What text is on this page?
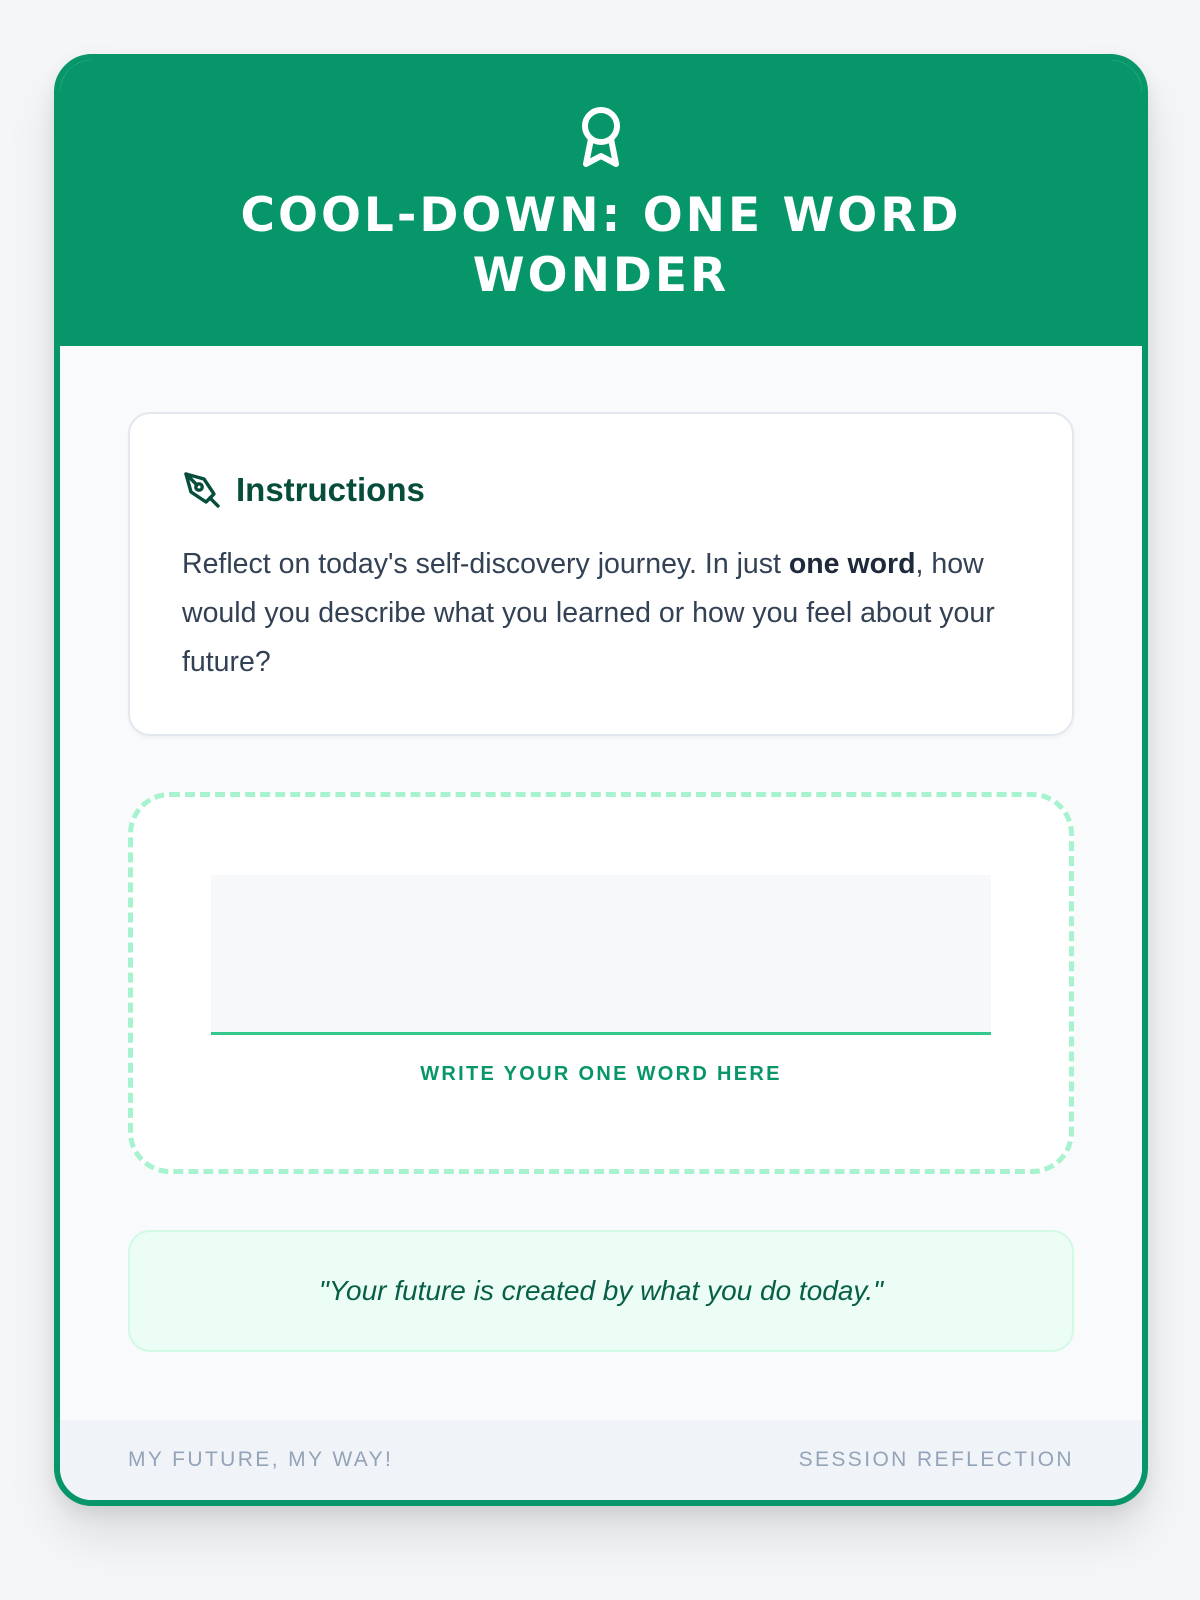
COOL-DOWN: ONE WORD WONDER
Instructions

Reflect on today's self-discovery journey. In just one word, how would you describe what you learned or how you feel about your future?

WRITE YOUR ONE WORD HERE
"Your future is created by what you do today."
MY FUTURE, MY WAY!	SESSION REFLECTION
